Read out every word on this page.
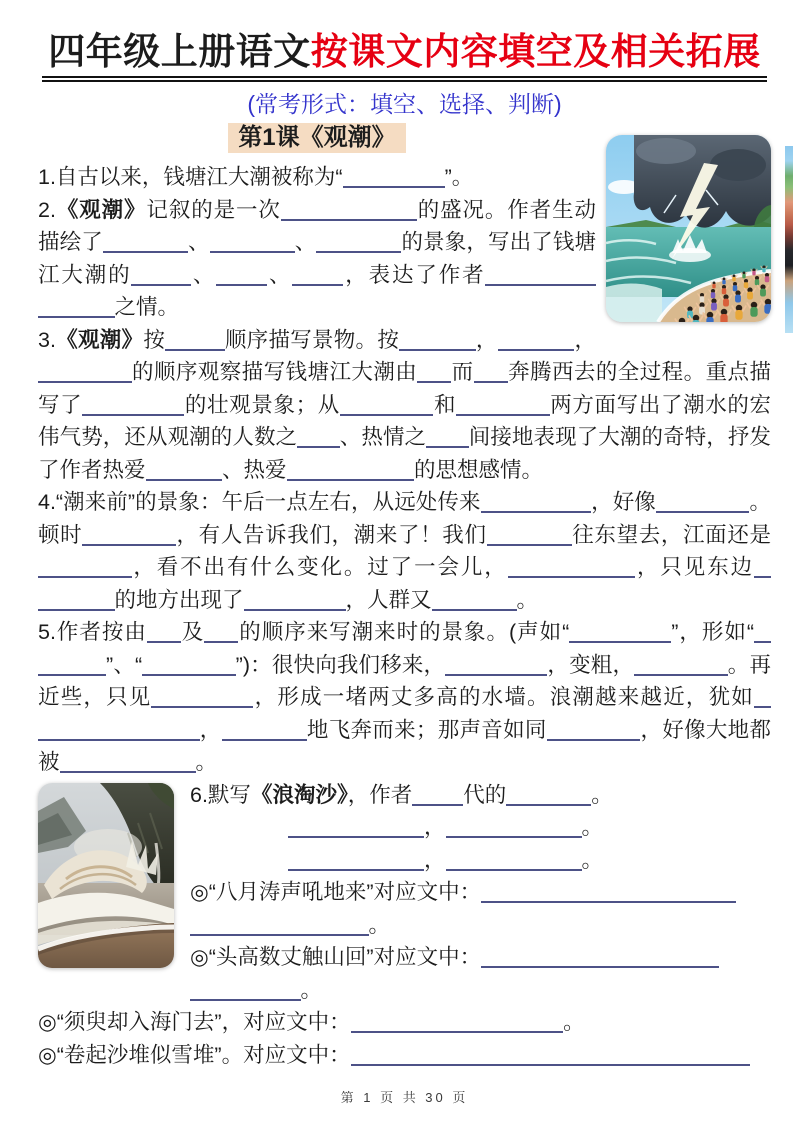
四年级上册语文按课文内容填空及相关拓展
(常考形式：填空、选择、判断)
第1课《观潮》

1.自古以来，钱塘江大潮被称为“	”。

2.《观潮》记叙的是一次	的盛况。作者生动描绘了	、	、	的景象，写出了钱塘江大潮的	、 、 ，表达了作者之情。

3.《观潮》按	顺序描写景物。按	，	，的顺序观察描写钱塘江大潮由 而 奔腾西去的全过程。重点描写了	的壮观景象；从	和	两方面写出了潮水的宏伟气势，还从观潮的人数之 、热情之 间接地表现了大潮的奇特，抒发了作者热爱	、热爱	的思想感情。

4.“潮来前”的景象：午后一点左右，从远处传来	，好像	。顿时	，有人告诉我们，潮来了！我们	往东望去，江面还是，看不出有什么变化。过了一会儿，	，只见东边的地方出现了	，人群又	。

5.作者按由 及 的顺序来写潮来时的景象。(声如“	”，形如“”、“	”)：很快向我们移来，	，变粗，	。再近些，只见	，形成一堵两丈多高的水墙。浪潮越来越近，犹如，	地飞奔而来；那声音如同	，好像大地都被	。

6.默写《浪淘沙》，作者 代的	。
，	。
，	。
◎“八月涛声吼地来”对应文中：
。
◎“头高数丈触山回”对应文中：
。
◎“须臾却入海门去”，对应文中：	。
◎“卷起沙堆似雪堆”。对应文中：
第 1 页 共 30 页
